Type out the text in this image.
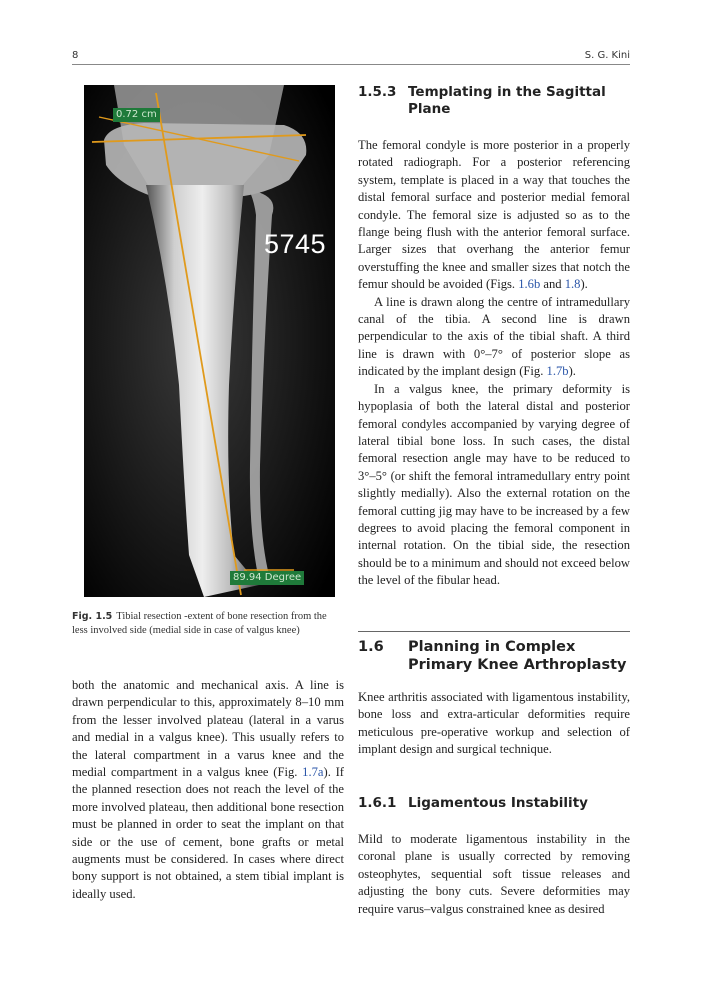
8	S. G. Kini
0.72 cm
5745
89.94 Degree
Fig. 1.5 Tibial resection -extent of bone resection from the less involved side (medial side in case of valgus knee)

both the anatomic and mechanical axis. A line is drawn perpendicular to this, approximately 8–10 mm from the lesser involved plateau (lateral in a varus and medial in a valgus knee). This usually refers to the lateral compartment in a varus knee and the medial compartment in a valgus knee (Fig. 1.7a). If the planned resection does not reach the level of the more involved plateau, then additional bone resection must be planned in order to seat the implant on that side or the use of cement, bone grafts or metal augments must be considered. In cases where direct bony support is not obtained, a stem tibial implant is ideally used.

1.5.3 Templating in the Sagittal
Plane

The femoral condyle is more posterior in a properly rotated radiograph. For a posterior referencing system, template is placed in a way that touches the distal femoral surface and posterior medial femoral condyle. The femoral size is adjusted so as to the flange being flush with the anterior femoral surface. Larger sizes that overhang the anterior femur overstuffing the knee and smaller sizes that notch the femur should be avoided (Figs. 1.6b and 1.8).

A line is drawn along the centre of intramedullary canal of the tibia. A second line is drawn perpendicular to the axis of the tibial shaft. A third line is drawn with 0°–7° of posterior slope as indicated by the implant design (Fig. 1.7b).

In a valgus knee, the primary deformity is hypoplasia of both the lateral distal and posterior femoral condyles accompanied by varying degree of lateral tibial bone loss. In such cases, the distal femoral resection angle may have to be reduced to 3°–5° (or shift the femoral intramedullary entry point slightly medially). Also the external rotation on the femoral cutting jig may have to be increased by a few degrees to avoid placing the femoral component in internal rotation. On the tibial side, the resection should be to a minimum and should not exceed below the level of the fibular head.

1.6 Planning in Complex
Primary Knee Arthroplasty

Knee arthritis associated with ligamentous instability, bone loss and extra-articular deformities require meticulous pre-operative workup and selection of implant design and surgical technique.

1.6.1 Ligamentous Instability

Mild to moderate ligamentous instability in the coronal plane is usually corrected by removing osteophytes, sequential soft tissue releases and adjusting the bony cuts. Severe deformities may require varus–valgus constrained knee as desired
